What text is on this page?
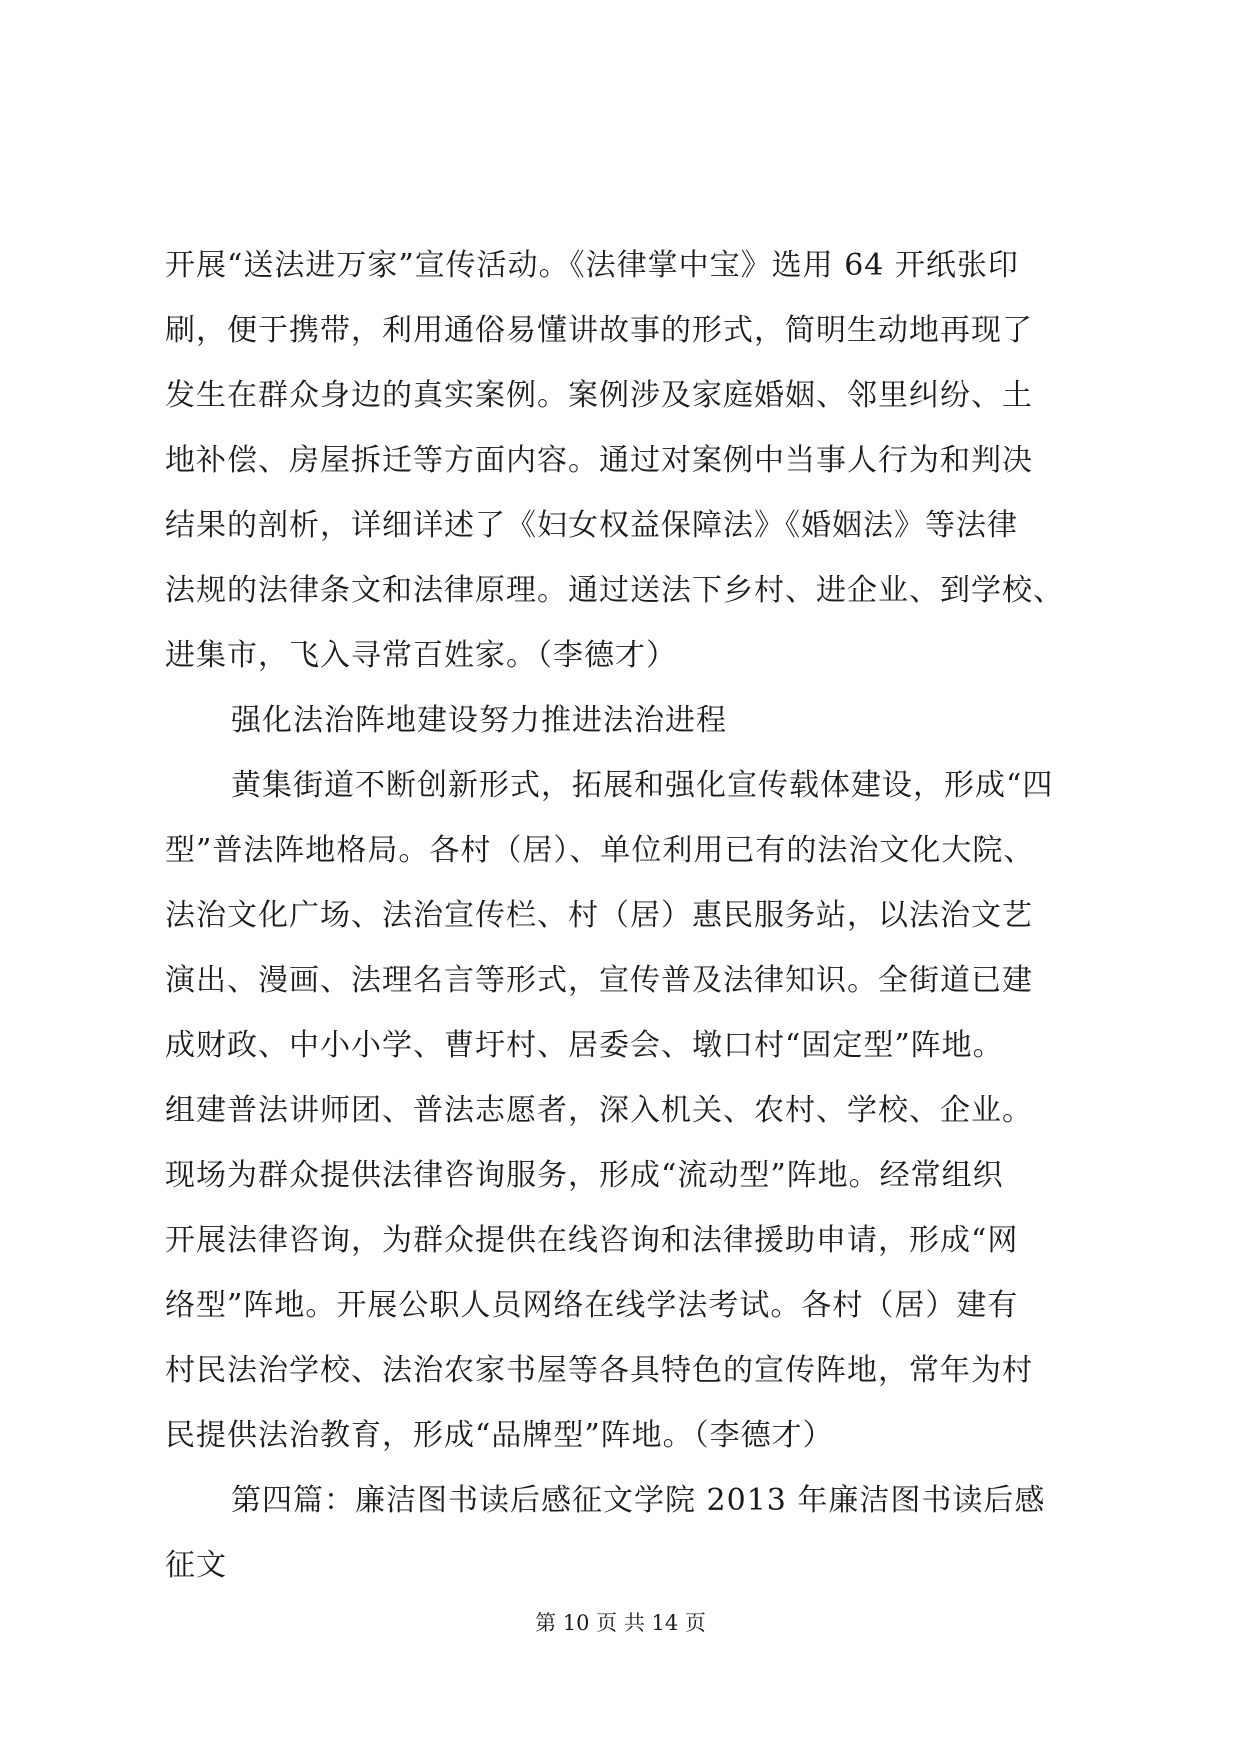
开展“送法进万家”宣传活动。《法律掌中宝》选用 64 开纸张印
刷，便于携带，利用通俗易懂讲故事的形式，简明生动地再现了
发生在群众身边的真实案例。案例涉及家庭婚姻、邻里纠纷、土
地补偿、房屋拆迁等方面内容。通过对案例中当事人行为和判决
结果的剖析，详细详述了《妇女权益保障法》《婚姻法》等法律
法规的法律条文和法律原理。通过送法下乡村、进企业、到学校、
进集市，飞入寻常百姓家。（李德才）
强化法治阵地建设努力推进法治进程
黄集街道不断创新形式，拓展和强化宣传载体建设，形成“四
型”普法阵地格局。各村（居）、单位利用已有的法治文化大院、
法治文化广场、法治宣传栏、村（居）惠民服务站，以法治文艺
演出、漫画、法理名言等形式，宣传普及法律知识。全街道已建
成财政、中小小学、曹圩村、居委会、墩口村“固定型”阵地。
组建普法讲师团、普法志愿者，深入机关、农村、学校、企业。
现场为群众提供法律咨询服务，形成“流动型”阵地。经常组织
开展法律咨询，为群众提供在线咨询和法律援助申请，形成“网
络型”阵地。开展公职人员网络在线学法考试。各村（居）建有
村民法治学校、法治农家书屋等各具特色的宣传阵地，常年为村
民提供法治教育，形成“品牌型”阵地。（李德才）
第四篇：廉洁图书读后感征文学院 2013 年廉洁图书读后感
征文
第 10 页 共 14 页
